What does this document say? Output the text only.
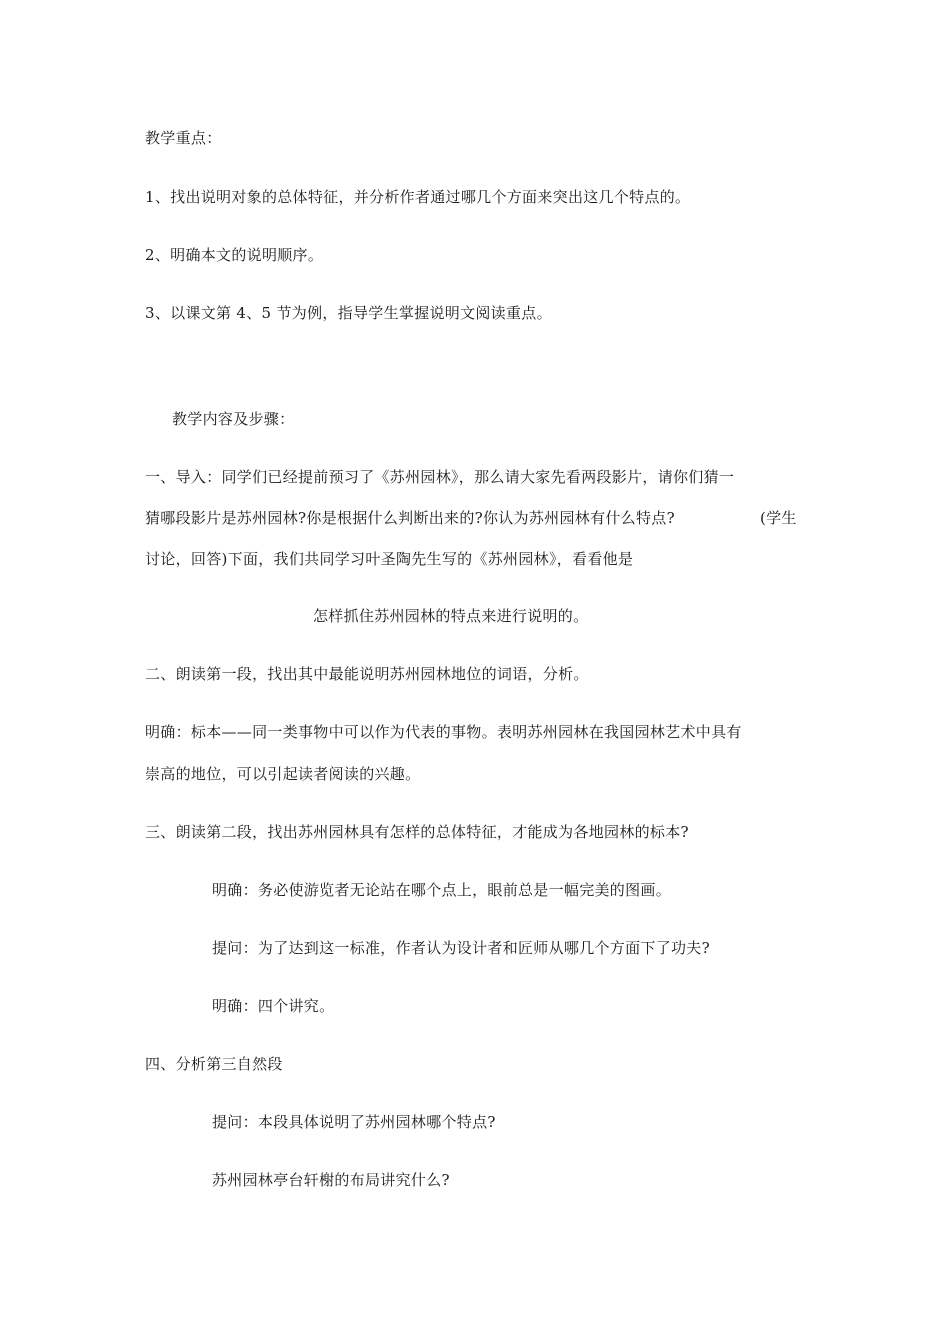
教学重点：
1、找出说明对象的总体特征，并分析作者通过哪几个方面来突出这几个特点的。
2、明确本文的说明顺序。
3、以课文第 4、5 节为例，指导学生掌握说明文阅读重点。
教学内容及步骤：
一、导入：同学们已经提前预习了《苏州园林》，那么请大家先看两段影片，请你们猜一
猜哪段影片是苏州园林?你是根据什么判断出来的?你认为苏州园林有什么特点?	(学生
讨论，回答)下面，我们共同学习叶圣陶先生写的《苏州园林》，看看他是
怎样抓住苏州园林的特点来进行说明的。
二、朗读第一段，找出其中最能说明苏州园林地位的词语，分析。
明确：标本——同一类事物中可以作为代表的事物。表明苏州园林在我国园林艺术中具有
崇高的地位，可以引起读者阅读的兴趣。
三、朗读第二段，找出苏州园林具有怎样的总体特征，才能成为各地园林的标本?
明确：务必使游览者无论站在哪个点上，眼前总是一幅完美的图画。
提问：为了达到这一标准，作者认为设计者和匠师从哪几个方面下了功夫?
明确：四个讲究。
四、分析第三自然段
提问：本段具体说明了苏州园林哪个特点?
苏州园林亭台轩榭的布局讲究什么?
